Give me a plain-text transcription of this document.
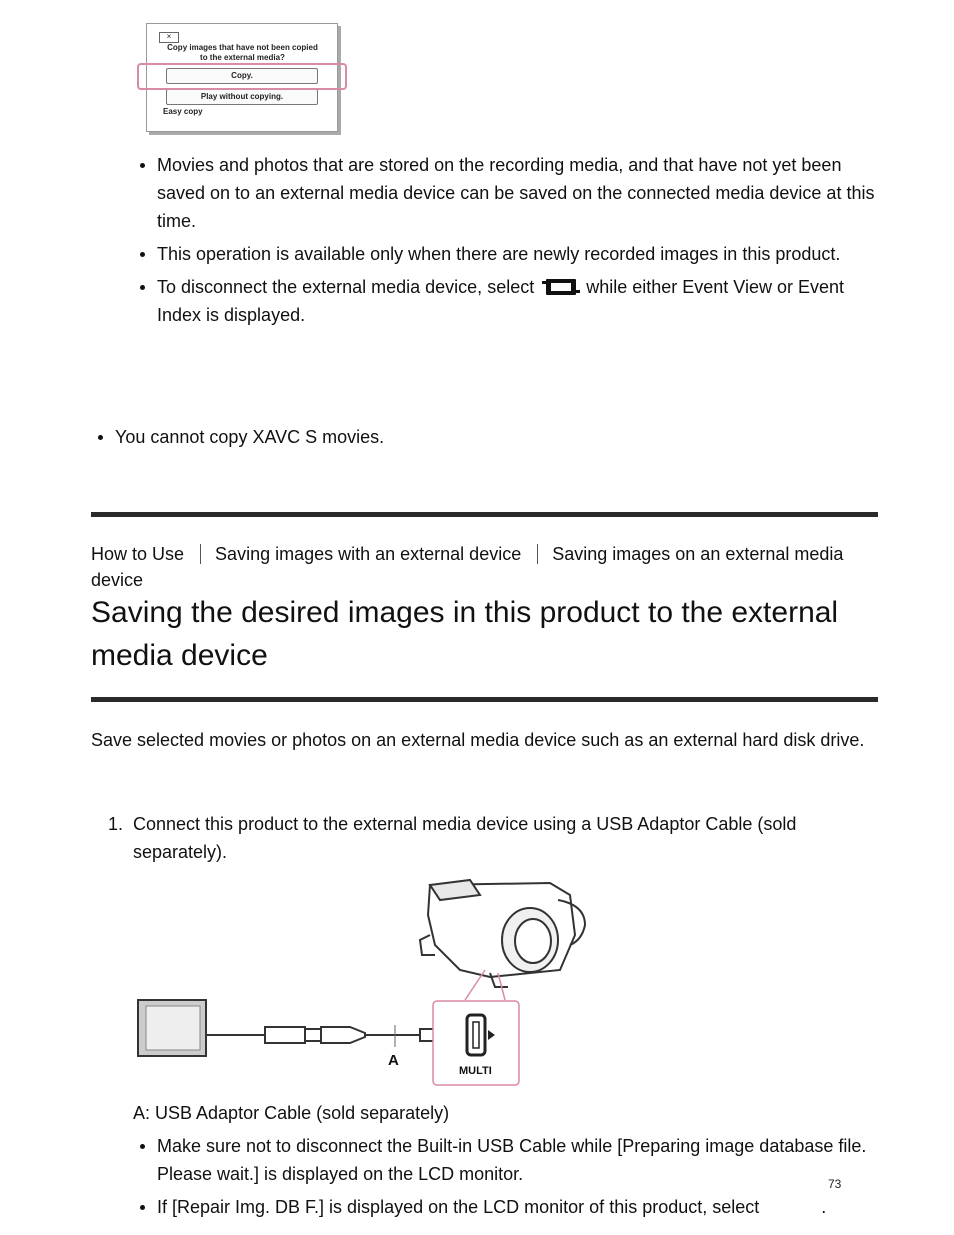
×
Copy images that have not been copied to the external media?
Copy.
Play without copying.
Easy copy
Movies and photos that are stored on the recording media, and that have not yet been saved on to an external media device can be saved on the connected media device at this time.
This operation is available only when there are newly recorded images in this product.
To disconnect the external media device, select	while either Event View or Event Index is displayed.
You cannot copy XAVC S movies.
How to Use Saving images with an external device Saving images on an external media device
Saving the desired images in this product to the external media device

Save selected movies or photos on an external media device such as an external hard disk drive.

1. Connect this product to the external media device using a USB Adaptor Cable (sold separately).
A
MULTI
A: USB Adaptor Cable (sold separately)
Make sure not to disconnect the Built-in USB Cable while [Preparing image database file. Please wait.] is displayed on the LCD monitor.
If [Repair Img. DB F.] is displayed on the LCD monitor of this product, select	.
73
